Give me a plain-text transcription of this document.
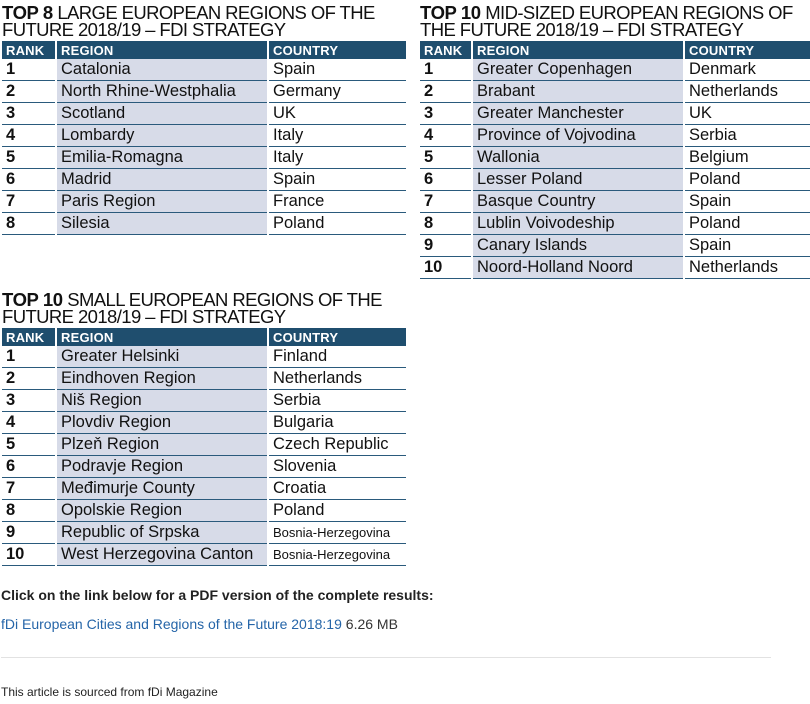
TOP 8 LARGE EUROPEAN REGIONS OF THE FUTURE 2018/19 – FDI STRATEGY
RANK	REGION	COUNTRY
1	Catalonia	Spain
2	North Rhine-Westphalia	Germany
3	Scotland	UK
4	Lombardy	Italy
5	Emilia-Romagna	Italy
6	Madrid	Spain
7	Paris Region	France
8	Silesia	Poland
TOP 10 MID-SIZED EUROPEAN REGIONS OF THE FUTURE 2018/19 – FDI STRATEGY
RANK	REGION	COUNTRY
1	Greater Copenhagen	Denmark
2	Brabant	Netherlands
3	Greater Manchester	UK
4	Province of Vojvodina	Serbia
5	Wallonia	Belgium
6	Lesser Poland	Poland
7	Basque Country	Spain
8	Lublin Voivodeship	Poland
9	Canary Islands	Spain
10	Noord-Holland Noord	Netherlands
TOP 10 SMALL EUROPEAN REGIONS OF THE FUTURE 2018/19 – FDI STRATEGY
RANK	REGION	COUNTRY
1	Greater Helsinki	Finland
2	Eindhoven Region	Netherlands
3	Niš Region	Serbia
4	Plovdiv Region	Bulgaria
5	Plzeň Region	Czech Republic
6	Podravje Region	Slovenia
7	Međimurje County	Croatia
8	Opolskie Region	Poland
9	Republic of Srpska	Bosnia-Herzegovina
10	West Herzegovina Canton	Bosnia-Herzegovina
Click on the link below for a PDF version of the complete results:
fDi European Cities and Regions of the Future 2018:19 6.26 MB
This article is sourced from fDi Magazine
